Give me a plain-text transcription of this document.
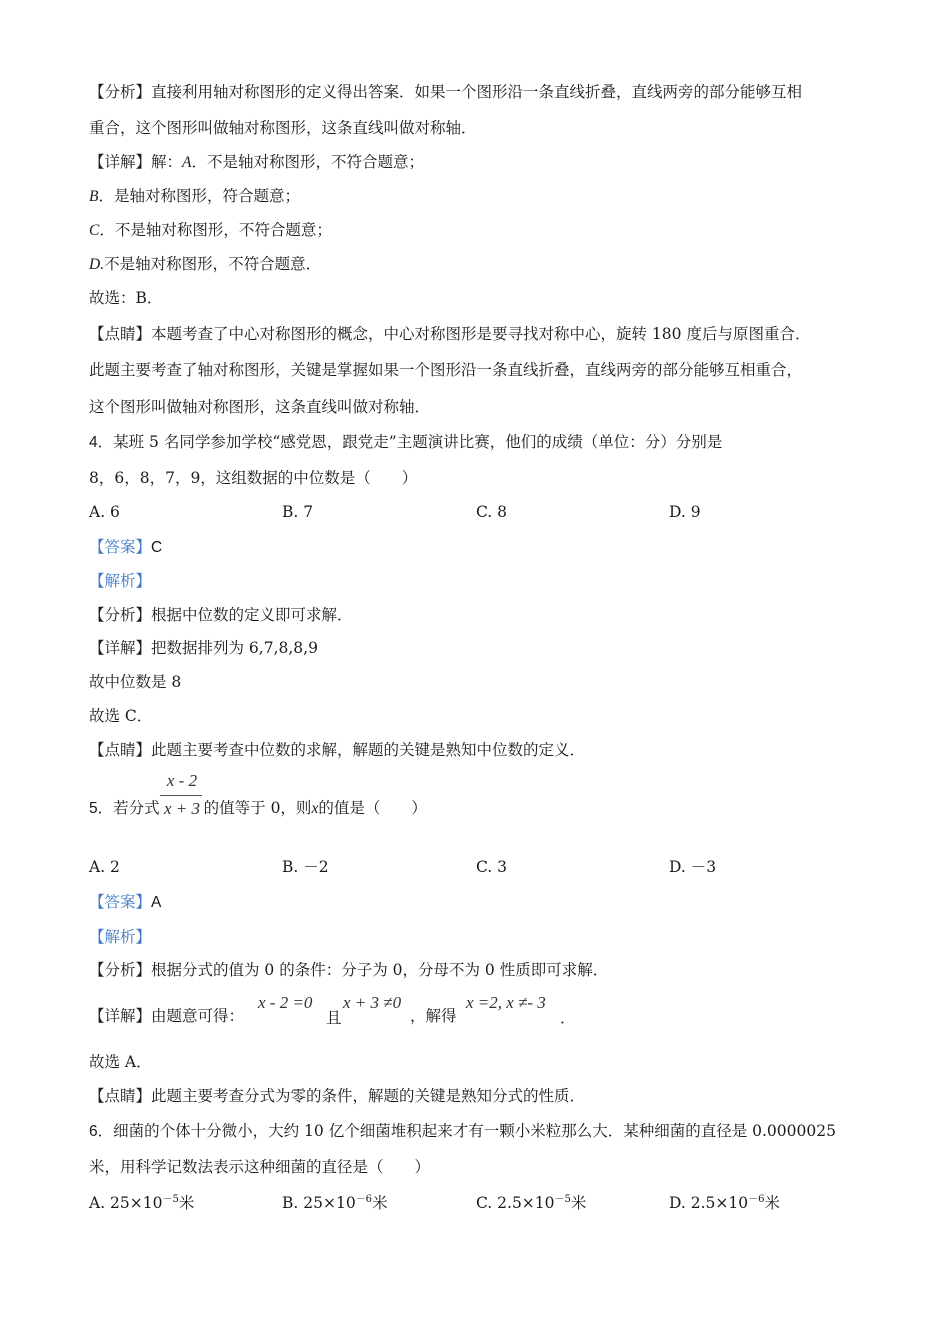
【分析】直接利用轴对称图形的定义得出答案．如果一个图形沿一条直线折叠，直线两旁的部分能够互相
重合，这个图形叫做轴对称图形，这条直线叫做对称轴．
【详解】解：A．不是轴对称图形，不符合题意；
B．是轴对称图形，符合题意；
C．不是轴对称图形，不符合题意；
D.不是轴对称图形，不符合题意．
故选：B．
【点睛】本题考查了中心对称图形的概念，中心对称图形是要寻找对称中心，旋转 180 度后与原图重合．
此题主要考查了轴对称图形，关键是掌握如果一个图形沿一条直线折叠，直线两旁的部分能够互相重合，
这个图形叫做轴对称图形，这条直线叫做对称轴．
4．某班 5 名同学参加学校“感党恩，跟党走”主题演讲比赛，他们的成绩（单位：分）分别是
8，6，8，7，9，这组数据的中位数是（　　）
A. 6	B. 7	C. 8	D. 9
【答案】C
【解析】
【分析】根据中位数的定义即可求解．
【详解】把数据排列为 6,7,8,8,9
故中位数是 8
故选 C．
【点睛】此题主要考查中位数的求解，解题的关键是熟知中位数的定义．
5．若分式	的值等于 0，则x的值是（　　）
x - 2
x + 3
A. 2	B. －2	C. 3	D. －3
【答案】A
【解析】
【分析】根据分式的值为 0 的条件：分子为 0，分母不为 0 性质即可求解．
【详解】由题意可得：
x - 2 =0
且
x + 3 ≠0
，解得
x =2, x ≠- 3
．
故选 A．
【点睛】此题主要考查分式为零的条件，解题的关键是熟知分式的性质．
6．细菌的个体十分微小，大约 10 亿个细菌堆积起来才有一颗小米粒那么大．某种细菌的直径是 0.0000025
米，用科学记数法表示这种细菌的直径是（　　）
A. $25\times 10^{-5}$米	B. $25\times 10^{-6}$米	C. $2.5\times 10^{-5}$米	D. $2.5\times 10^{-6}$米
